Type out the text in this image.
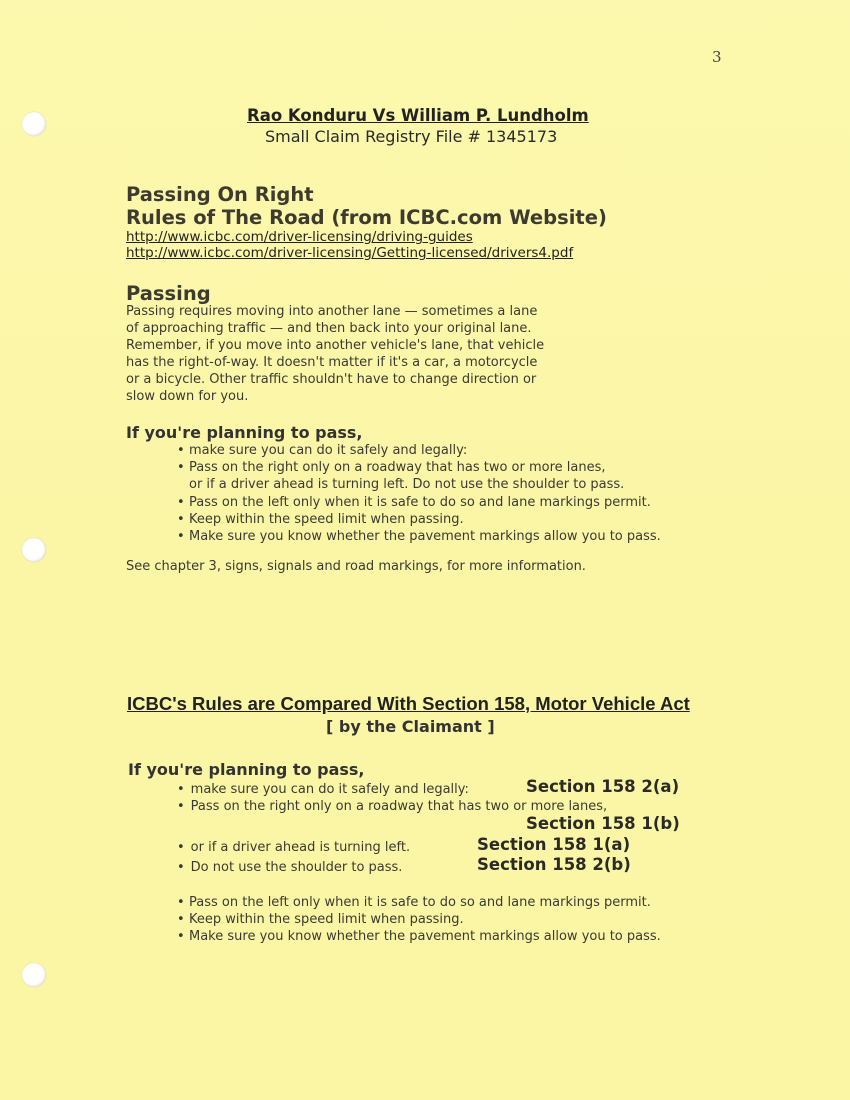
3
Rao Konduru Vs William P. Lundholm
Small Claim Registry File # 1345173
Passing On Right
Rules of The Road (from ICBC.com Website)
http://www.icbc.com/driver-licensing/driving-guides
http://www.icbc.com/driver-licensing/Getting-licensed/drivers4.pdf
Passing
Passing requires moving into another lane — sometimes a lane
of approaching traffic — and then back into your original lane.
Remember, if you move into another vehicle's lane, that vehicle
has the right-of-way. It doesn't matter if it's a car, a motorcycle
or a bicycle. Other traffic shouldn't have to change direction or
slow down for you.
If you're planning to pass,
• make sure you can do it safely and legally:
• Pass on the right only on a roadway that has two or more lanes,
or if a driver ahead is turning left. Do not use the shoulder to pass.
• Pass on the left only when it is safe to do so and lane markings permit.
• Keep within the speed limit when passing.
• Make sure you know whether the pavement markings allow you to pass.
See chapter 3, signs, signals and road markings, for more information.
ICBC's Rules are Compared With Section 158, Motor Vehicle Act
[ by the Claimant ]
If you're planning to pass,
• make sure you can do it safely and legally:	Section 158 2(a)
• Pass on the right only on a roadway that has two or more lanes,
Section 158 1(b)
• or if a driver ahead is turning left.	Section 158 1(a)
• Do not use the shoulder to pass.	Section 158 2(b)
• Pass on the left only when it is safe to do so and lane markings permit.
• Keep within the speed limit when passing.
• Make sure you know whether the pavement markings allow you to pass.
